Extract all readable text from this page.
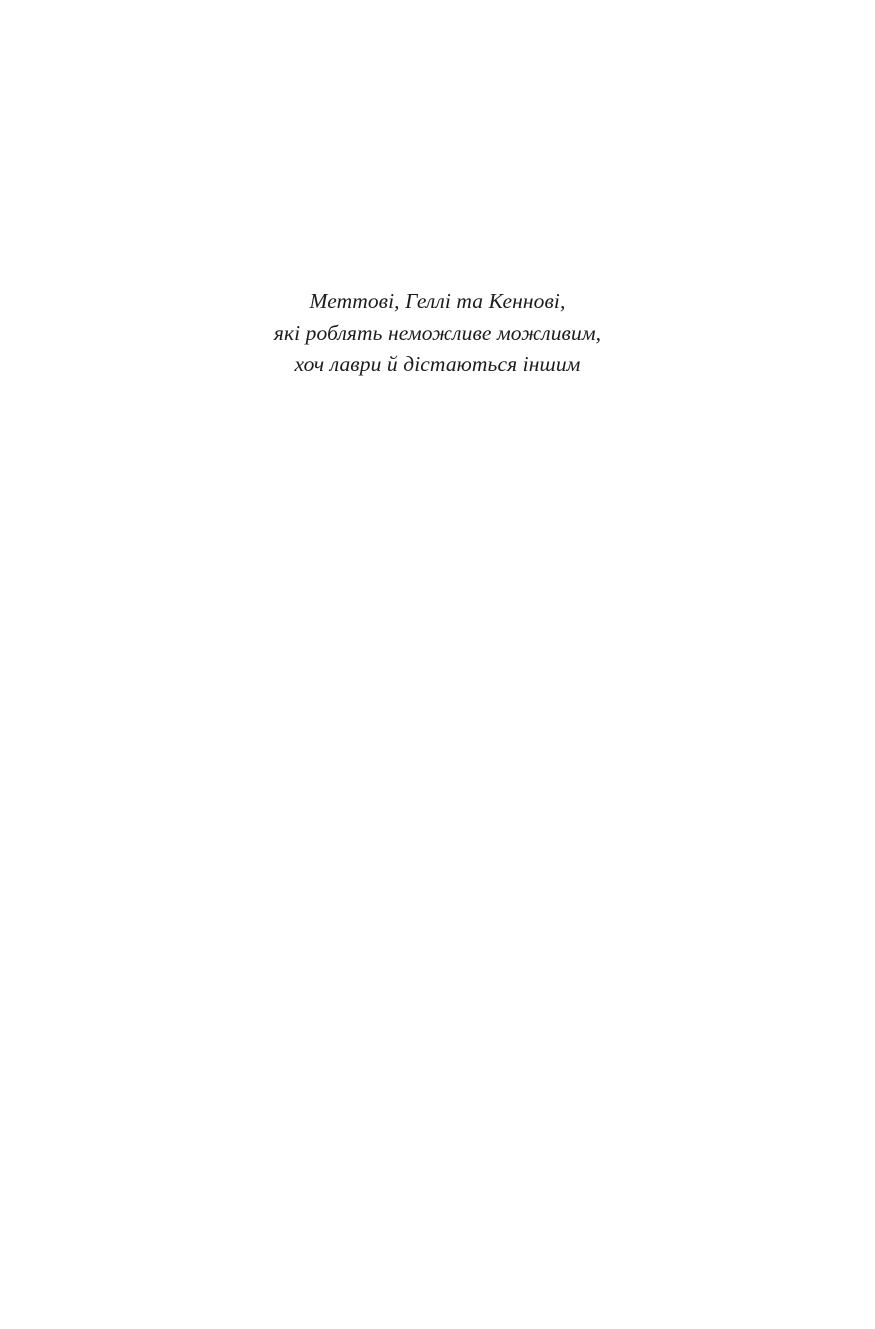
Меттові, Геллі та Кеннові,
які роблять неможливе можливим,
хоч лаври й дістаються іншим
